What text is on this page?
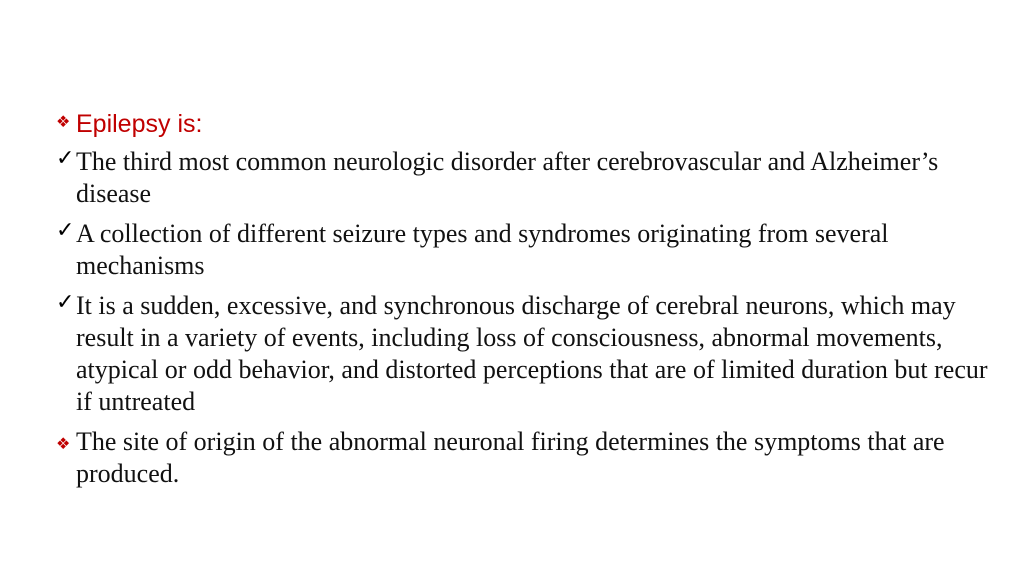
❖ Epilepsy is:
✓ The third most common neurologic disorder after cerebrovascular and Alzheimer’s disease
✓ A collection of different seizure types and syndromes originating from several mechanisms
✓ It is a sudden, excessive, and synchronous discharge of cerebral neurons, which may result in a variety of events, including loss of consciousness, abnormal movements, atypical or odd behavior, and distorted perceptions that are of limited duration but recur if untreated
❖ The site of origin of the abnormal neuronal firing determines the symptoms that are produced.
